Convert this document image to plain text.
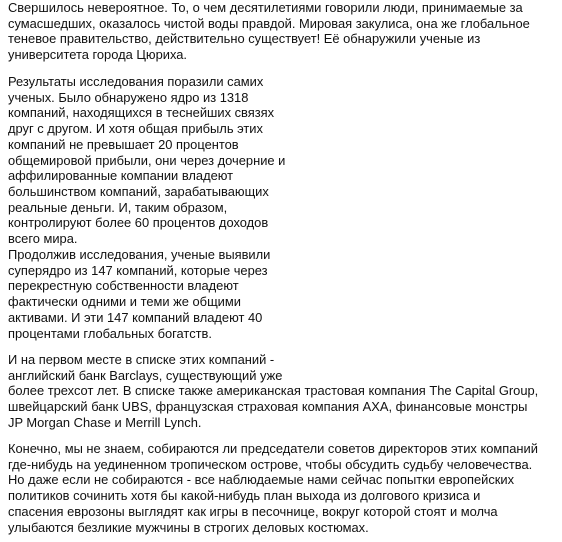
Свершилось невероятное. То, о чем десятилетиями говорили люди, принимаемые за
сумасшедших, оказалось чистой воды правдой. Мировая закулиса, она же глобальное
теневое правительство, действительно существует! Её обнаружили ученые из
университета города Цюриха.

Результаты исследования поразили самих
ученых. Было обнаружено ядро из 1318
компаний, находящихся в теснейших связях
друг с другом. И хотя общая прибыль этих
компаний не превышает 20 процентов
общемировой прибыли, они через дочерние и
аффилированные компании владеют
большинством компаний, зарабатывающих
реальные деньги. И, таким образом,
контролируют более 60 процентов доходов
всего мира.

Продолжив исследования, ученые выявили
суперядро из 147 компаний, которые через
перекрестную собственности владеют
фактически одними и теми же общими
активами. И эти 147 компаний владеют 40
процентами глобальных богатств.

И на первом месте в списке этих компаний -
английский банк Barclays, существующий уже
более трехсот лет. В списке также американская трастовая компания The Capital Group,
швейцарский банк UBS, французская страховая компания AXA, финансовые монстры
JP Morgan Chase и Merrill Lynch.

Конечно, мы не знаем, собираются ли председатели советов директоров этих компаний
где-нибудь на уединенном тропическом острове, чтобы обсудить судьбу человечества.
Но даже если не собираются - все наблюдаемые нами сейчас попытки европейских
политиков сочинить хотя бы какой-нибудь план выхода из долгового кризиса и
спасения еврозоны выглядят как игры в песочнице, вокруг которой стоят и молча
улыбаются безликие мужчины в строгих деловых костюмах.
